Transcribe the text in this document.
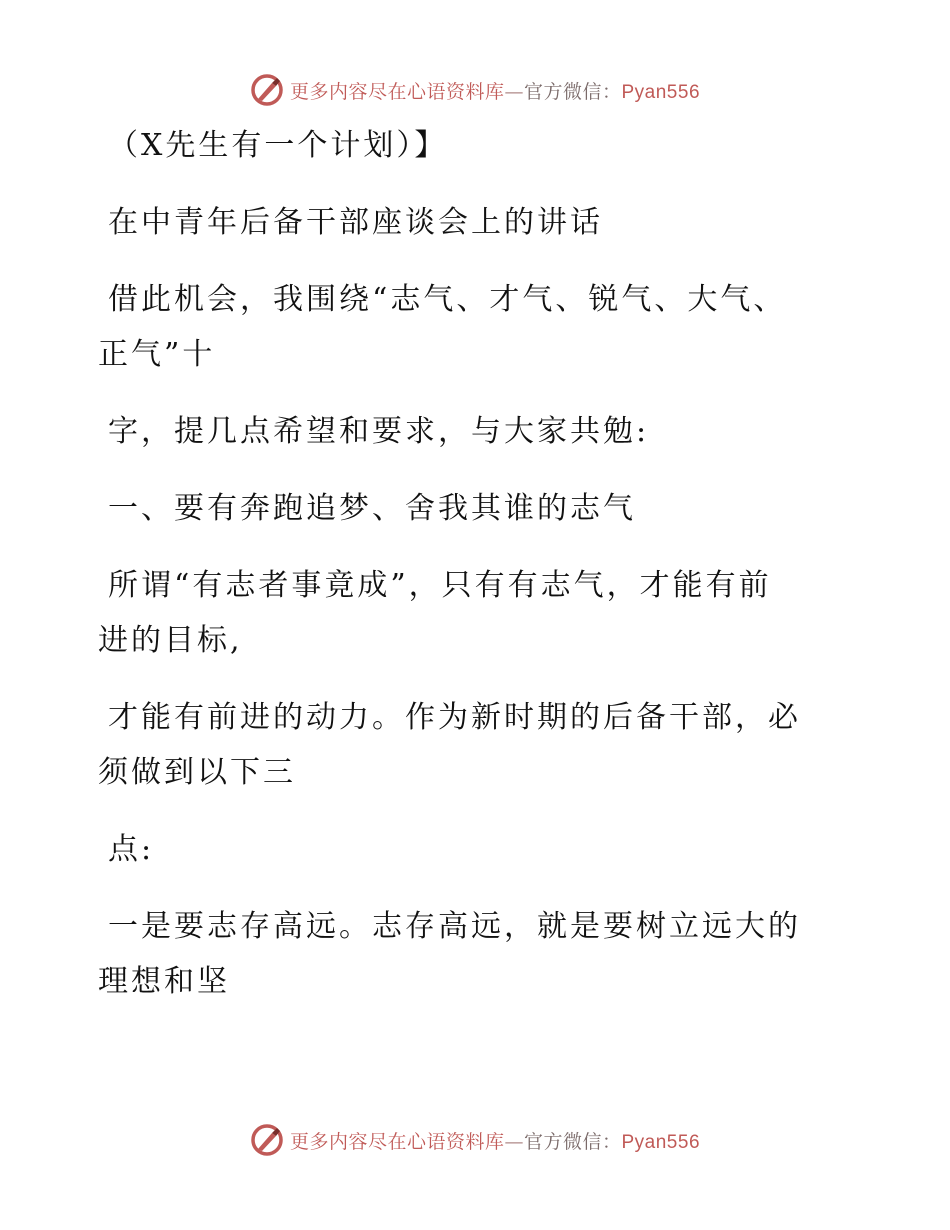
更多内容尽在心语资料库—官方微信：Pyan556

（X先生有一个计划）】

在中青年后备干部座谈会上的讲话

借此机会，我围绕“志气、才气、锐气、大气、
正气”十

字，提几点希望和要求，与大家共勉:

一、要有奔跑追梦、舍我其谁的志气

所谓“有志者事竟成”，只有有志气，才能有前
进的目标,

才能有前进的动力。作为新时期的后备干部，必
须做到以下三

点:

一是要志存高远。志存高远，就是要树立远大的
理想和坚

更多内容尽在心语资料库—官方微信：Pyan556
